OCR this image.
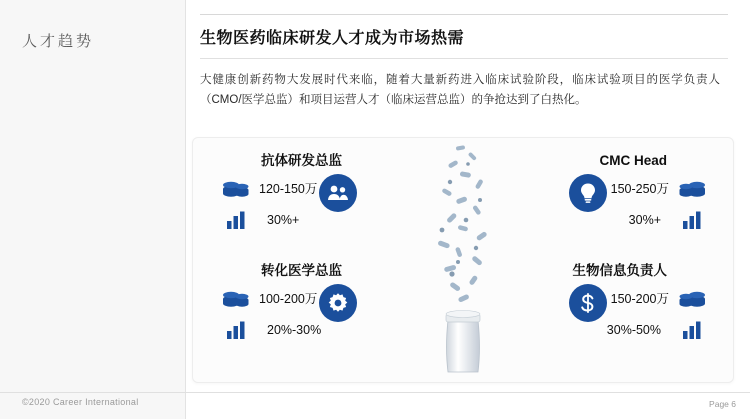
人才趋势	生物医药临床研发人才成为市场热需
大健康创新药物大发展时代来临，随着大量新药进入临床试验阶段，临床试验项目的医学负责人（CMO/医学总监）和项目运营人才（临床运营总监）的争抢达到了白热化。
抗体研发总监
120-150万
30%+
转化医学总监
100-200万
20%-30%
CMC Head
150-250万
30%+
生物信息负责人
150-200万
30%-50%
©2020 Career International	Page 6
